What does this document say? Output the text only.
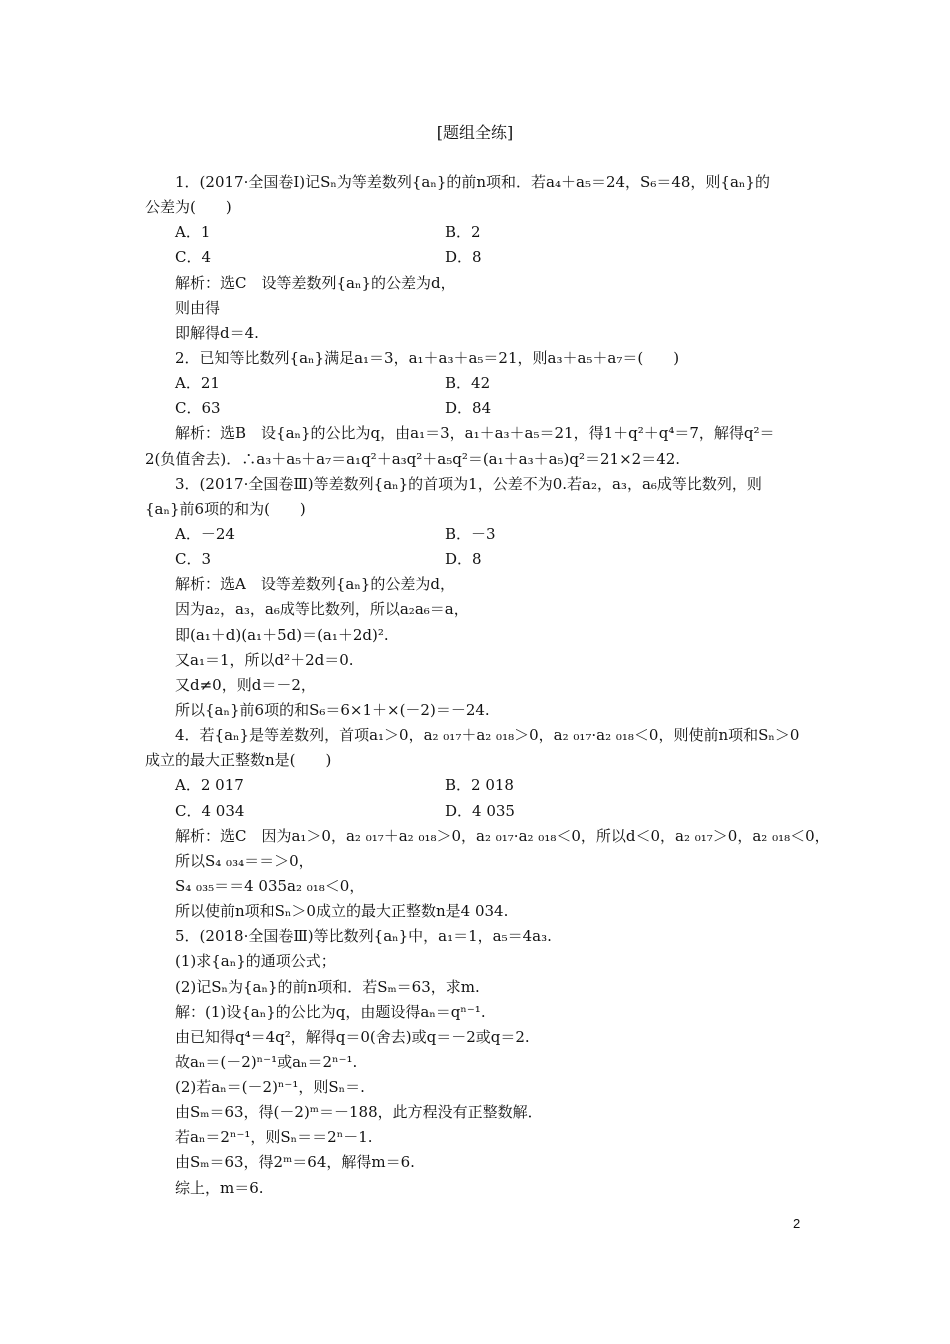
[题组全练]
1．(2017·全国卷Ⅰ)记Sₙ为等差数列{aₙ}的前n项和．若a₄＋a₅＝24，S₆＝48，则{aₙ}的
公差为(　　)
A．1	B．2
C．4	D．8
解析：选C　设等差数列{aₙ}的公差为d，
则由得
即解得d＝4.
2．已知等比数列{aₙ}满足a₁＝3，a₁＋a₃＋a₅＝21，则a₃＋a₅＋a₇＝(　　)
A．21	B．42
C．63	D．84
解析：选B　设{aₙ}的公比为q，由a₁＝3，a₁＋a₃＋a₅＝21，得1＋q²＋q⁴＝7，解得q²＝
2(负值舍去)．∴a₃＋a₅＋a₇＝a₁q²＋a₃q²＋a₅q²＝(a₁＋a₃＋a₅)q²＝21×2＝42.
3．(2017·全国卷Ⅲ)等差数列{aₙ}的首项为1，公差不为0.若a₂，a₃，a₆成等比数列，则
{aₙ}前6项的和为(　　)
A．－24	B．－3
C．3	D．8
解析：选A　设等差数列{aₙ}的公差为d，
因为a₂，a₃，a₆成等比数列，所以a₂a₆＝a，
即(a₁＋d)(a₁＋5d)＝(a₁＋2d)².
又a₁＝1，所以d²＋2d＝0.
又d≠0，则d＝－2，
所以{aₙ}前6项的和S₆＝6×1＋×(－2)＝－24.
4．若{aₙ}是等差数列，首项a₁＞0，a₂ ₀₁₇＋a₂ ₀₁₈＞0，a₂ ₀₁₇·a₂ ₀₁₈＜0，则使前n项和Sₙ＞0
成立的最大正整数n是(　　)
A．2 017	B．2 018
C．4 034	D．4 035
解析：选C　因为a₁＞0，a₂ ₀₁₇＋a₂ ₀₁₈＞0，a₂ ₀₁₇·a₂ ₀₁₈＜0，所以d＜0，a₂ ₀₁₇＞0，a₂ ₀₁₈＜0，
所以S₄ ₀₃₄＝＝＞0，
S₄ ₀₃₅＝＝4 035a₂ ₀₁₈＜0，
所以使前n项和Sₙ＞0成立的最大正整数n是4 034.
5．(2018·全国卷Ⅲ)等比数列{aₙ}中，a₁＝1，a₅＝4a₃.
(1)求{aₙ}的通项公式；
(2)记Sₙ为{aₙ}的前n项和．若Sₘ＝63，求m.
解：(1)设{aₙ}的公比为q，由题设得aₙ＝qⁿ⁻¹.
由已知得q⁴＝4q²，解得q＝0(舍去)或q＝－2或q＝2.
故aₙ＝(－2)ⁿ⁻¹或aₙ＝2ⁿ⁻¹.
(2)若aₙ＝(－2)ⁿ⁻¹，则Sₙ＝.
由Sₘ＝63，得(－2)ᵐ＝－188，此方程没有正整数解．
若aₙ＝2ⁿ⁻¹，则Sₙ＝＝2ⁿ－1.
由Sₘ＝63，得2ᵐ＝64，解得m＝6.
综上，m＝6.
2
